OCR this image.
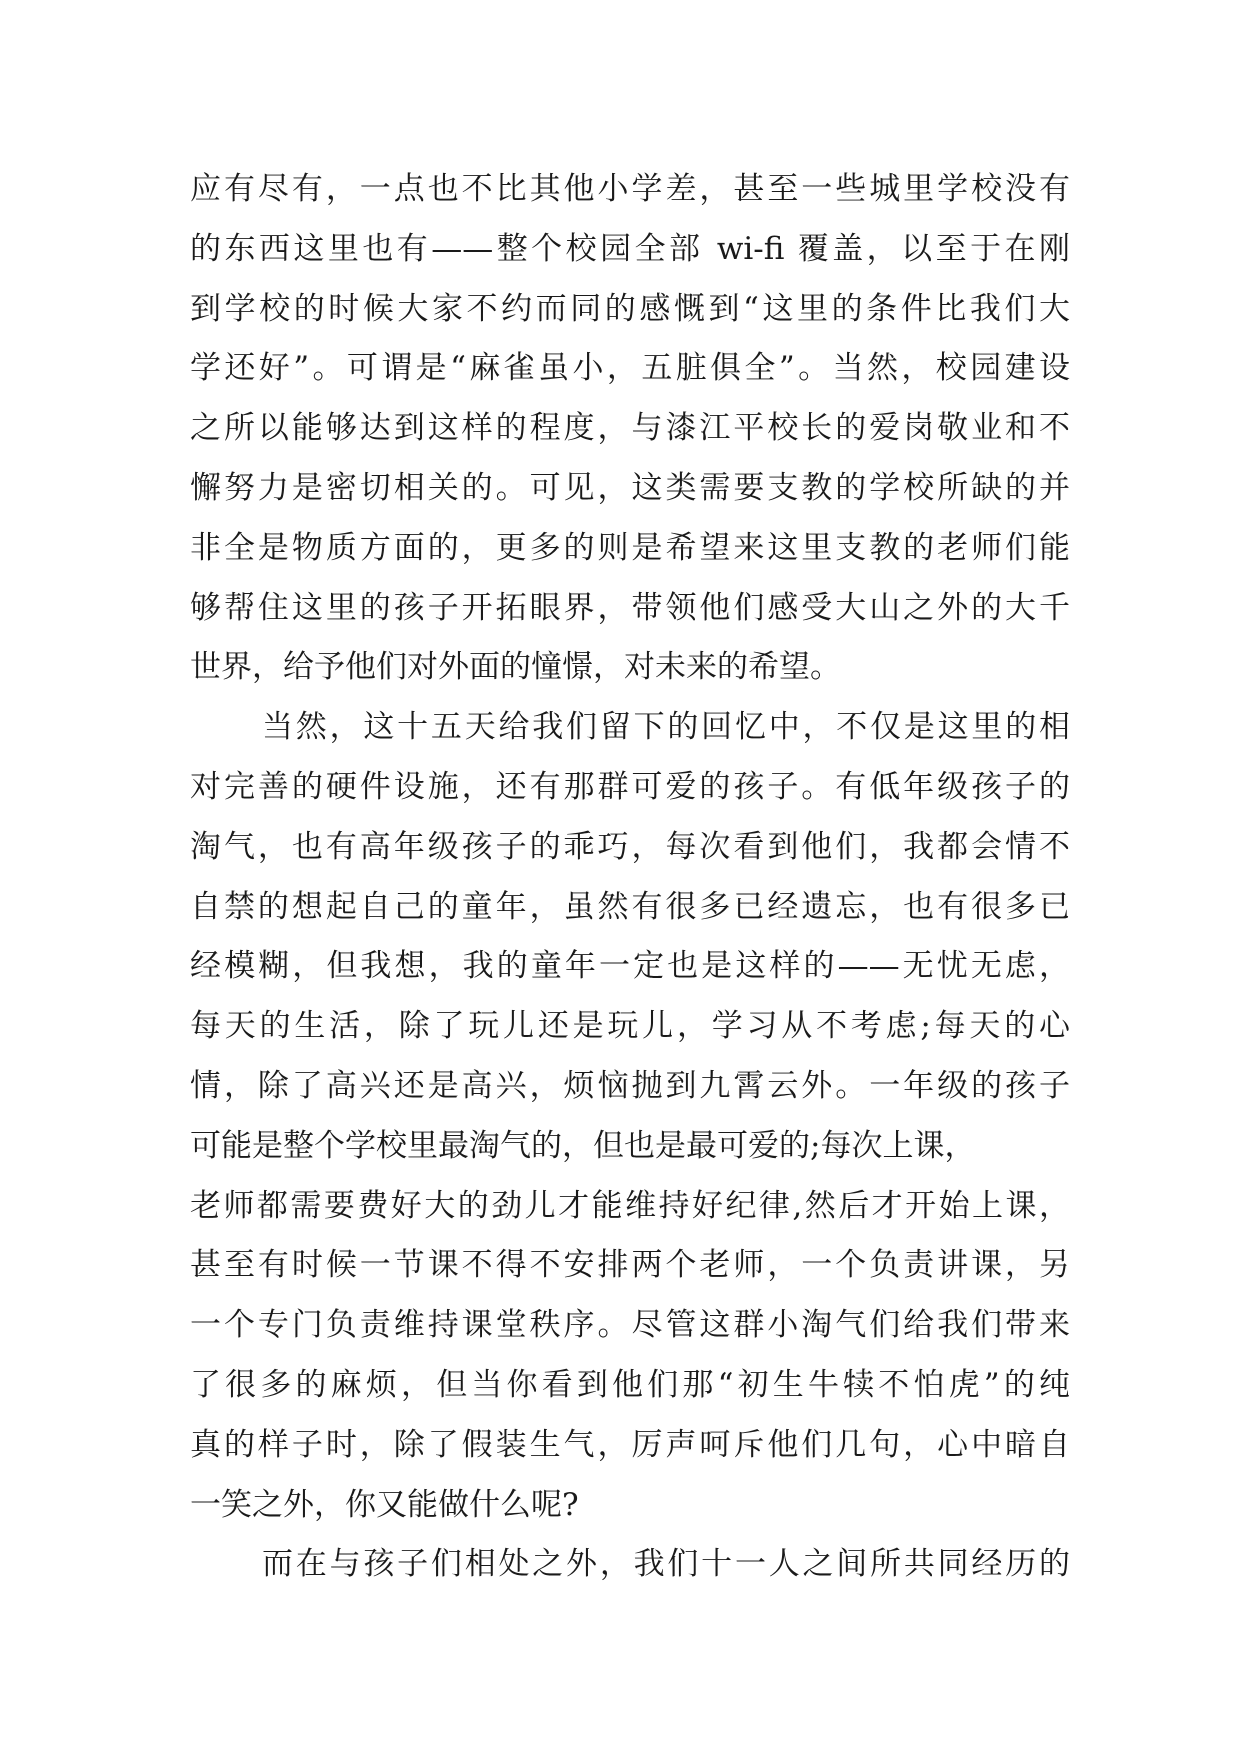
应有尽有，一点也不比其他小学差，甚至一些城里学校没有
的东西这里也有——整个校园全部 wi-fi 覆盖，以至于在刚
到学校的时候大家不约而同的感慨到“这里的条件比我们大
学还好”。可谓是“麻雀虽小，五脏俱全”。当然，校园建设
之所以能够达到这样的程度，与漆江平校长的爱岗敬业和不
懈努力是密切相关的。可见，这类需要支教的学校所缺的并
非全是物质方面的，更多的则是希望来这里支教的老师们能
够帮住这里的孩子开拓眼界，带领他们感受大山之外的大千
世界，给予他们对外面的憧憬，对未来的希望。
当然，这十五天给我们留下的回忆中，不仅是这里的相
对完善的硬件设施，还有那群可爱的孩子。有低年级孩子的
淘气，也有高年级孩子的乖巧，每次看到他们，我都会情不
自禁的想起自己的童年，虽然有很多已经遗忘，也有很多已
经模糊，但我想，我的童年一定也是这样的——无忧无虑，
每天的生活，除了玩儿还是玩儿，学习从不考虑;每天的心
情，除了高兴还是高兴，烦恼抛到九霄云外。一年级的孩子
可能是整个学校里最淘气的，但也是最可爱的;每次上课，
老师都需要费好大的劲儿才能维持好纪律,然后才开始上课，
甚至有时候一节课不得不安排两个老师，一个负责讲课，另
一个专门负责维持课堂秩序。尽管这群小淘气们给我们带来
了很多的麻烦，但当你看到他们那“初生牛犊不怕虎”的纯
真的样子时，除了假装生气，厉声呵斥他们几句，心中暗自
一笑之外，你又能做什么呢?
而在与孩子们相处之外，我们十一人之间所共同经历的
